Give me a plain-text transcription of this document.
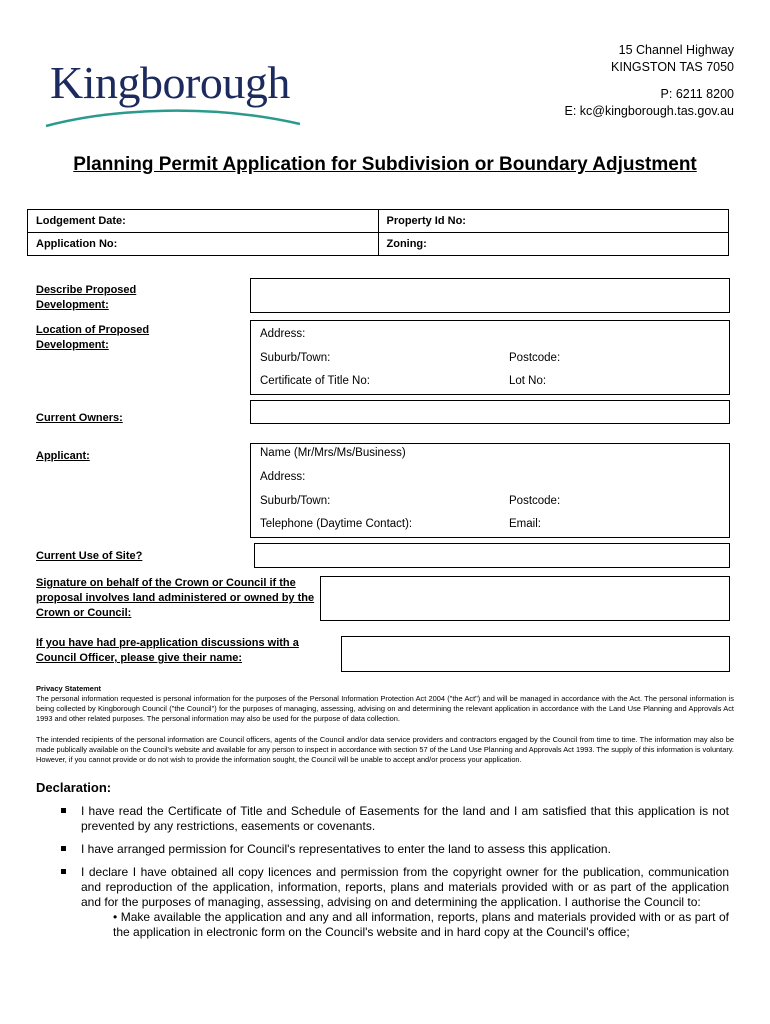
Kingborough
15 Channel Highway
KINGSTON TAS 7050
P: 6211 8200
E: kc@kingborough.tas.gov.au
Planning Permit Application for Subdivision or Boundary Adjustment
Lodgement Date:	Property Id No:
Application No:	Zoning:
Describe Proposed Development:
Location of Proposed Development:
Address:
Suburb/Town:	Postcode:
Certificate of Title No:	Lot No:
Current Owners:
Applicant:	Name (Mr/Mrs/Ms/Business)
Address:
Suburb/Town:	Postcode:
Telephone (Daytime Contact):	Email:
Current Use of Site?
Signature on behalf of the Crown or Council if the proposal involves land administered or owned by the Crown or Council:
If you have had pre-application discussions with a Council Officer, please give their name:
Privacy Statement
The personal information requested is personal information for the purposes of the Personal Information Protection Act 2004 ("the Act") and will be managed in accordance with the Act. The personal information is being collected by Kingborough Council ("the Council") for the purposes of managing, assessing, advising on and determining the relevant application in accordance with the Land Use Planning and Approvals Act 1993 and other related purposes. The personal information may also be used for the purpose of data collection.
The intended recipients of the personal information are Council officers, agents of the Council and/or data service providers and contractors engaged by the Council from time to time. The information may also be made publically available on the Council's website and available for any person to inspect in accordance with section 57 of the Land Use Planning and Approvals Act 1993. The supply of this information is voluntary. However, if you cannot provide or do not wish to provide the information sought, the Council will be unable to accept and/or process your application.
Declaration:
I have read the Certificate of Title and Schedule of Easements for the land and I am satisfied that this application is not prevented by any restrictions, easements or covenants.
I have arranged permission for Council's representatives to enter the land to assess this application.
I declare I have obtained all copy licences and permission from the copyright owner for the publication, communication and reproduction of the application, information, reports, plans and materials provided with or as part of the application and for the purposes of managing, assessing, advising on and determining the application. I authorise the Council to:
• Make available the application and any and all information, reports, plans and materials provided with or as part of the application in electronic form on the Council's website and in hard copy at the Council's office;
